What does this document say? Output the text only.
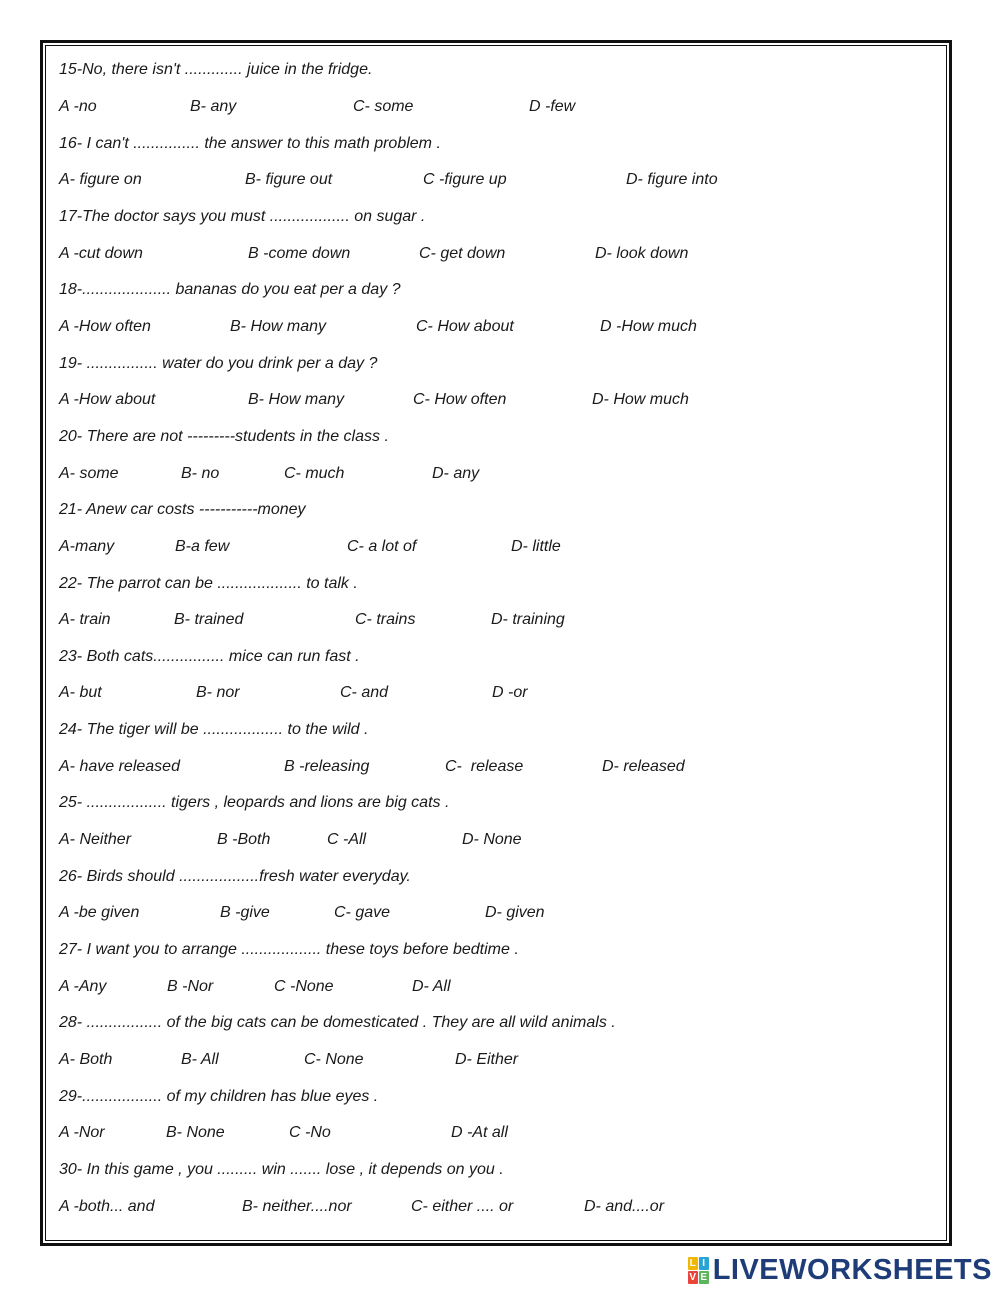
15-No, there isn't ............. juice in the fridge.
A -no	B- any	C- some	D -few
16- I can't ............... the answer to this math problem .
A- figure on	B- figure out	C -figure up	D- figure into
17-The doctor says you must .................. on sugar .
A -cut down	B -come down	C- get down	D- look down
18-.................... bananas do you eat per a day ?
A -How often	B- How many	C- How about	D -How much
19- ................ water do you drink per a day ?
A -How about	B- How many	C- How often	D- How much
20- There are not ---------students in the class .
A- some	B- no	C- much	D- any
21- Anew car costs -----------money
A-many	B-a few	C- a lot of	D- little
22- The parrot can be ................... to talk .
A- train	B- trained	C- trains	D- training
23- Both cats................ mice can run fast .
A- but	B- nor	C- and	D -or
24- The tiger will be .................. to the wild .
A- have released	B -releasing	C-  release	D- released
25- .................. tigers , leopards and lions are big cats .
A- Neither	B -Both	C -All	D- None
26- Birds should ..................fresh water everyday.
A -be given	B -give	C- gave	D- given
27- I want you to arrange .................. these toys before bedtime .
A -Any	B -Nor	C -None	D- All
28- ................. of the big cats can be domesticated . They are all wild animals .
A- Both	B- All	C- None	D- Either
29-.................. of my children has blue eyes .
A -Nor	B- None	C -No	D -At all
30- In this game , you ......... win ....... lose , it depends on you .
A -both... and	B- neither....nor	C- either .... or	D- and....or
L I
V E LIVEWORKSHEETS
